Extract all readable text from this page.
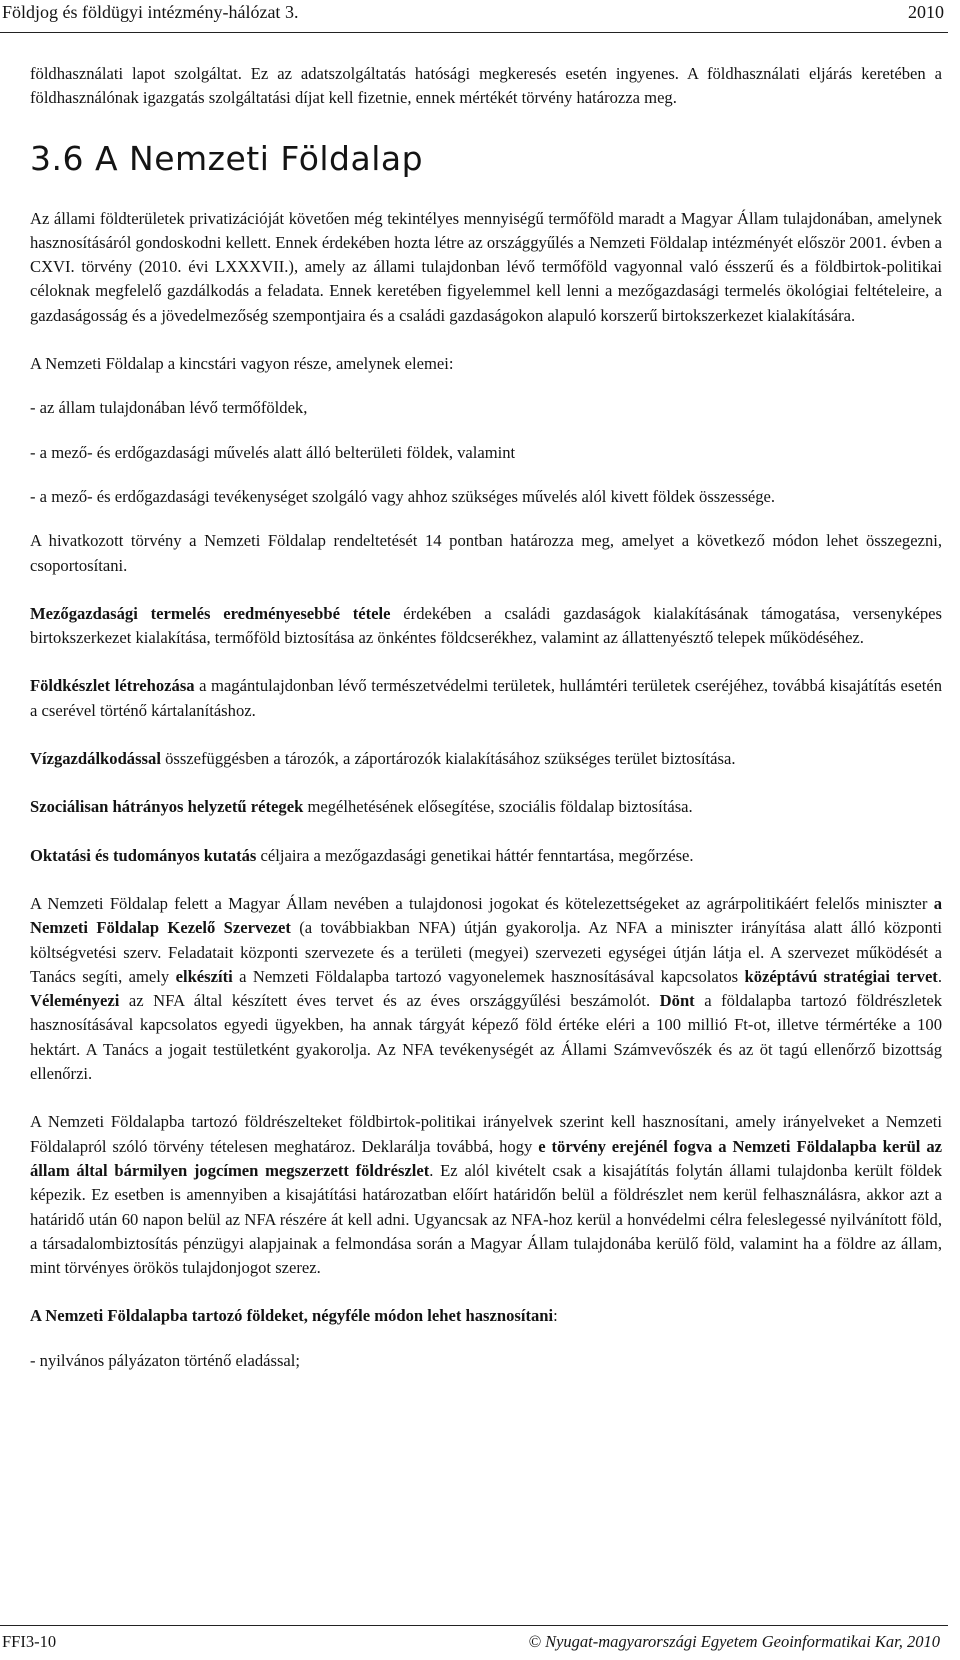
Földjog és földügyi intézmény-hálózat 3.	2010

földhasználati lapot szolgáltat. Ez az adatszolgáltatás hatósági megkeresés esetén ingyenes. A földhasználati eljárás keretében a földhasználónak igazgatás szolgáltatási díjat kell fizetnie, ennek mértékét törvény határozza meg.

3.6 A Nemzeti Földalap

Az állami földterületek privatizációját követően még tekintélyes mennyiségű termőföld maradt a Magyar Állam tulajdonában, amelynek hasznosításáról gondoskodni kellett. Ennek érdekében hozta létre az országgyűlés a Nemzeti Földalap intézményét először 2001. évben a CXVI. törvény (2010. évi LXXXVII.), amely az állami tulajdonban lévő termőföld vagyonnal való ésszerű és a földbirtok-politikai céloknak megfelelő gazdálkodás a feladata. Ennek keretében figyelemmel kell lenni a mezőgazdasági termelés ökológiai feltételeire, a gazdaságosság és a jövedelmezőség szempontjaira és a családi gazdaságokon alapuló korszerű birtokszerkezet kialakítására.

A Nemzeti Földalap a kincstári vagyon része, amelynek elemei:

- az állam tulajdonában lévő termőföldek,

- a mező- és erdőgazdasági művelés alatt álló belterületi földek, valamint

- a mező- és erdőgazdasági tevékenységet szolgáló vagy ahhoz szükséges művelés alól kivett földek összessége.

A hivatkozott törvény a Nemzeti Földalap rendeltetését 14 pontban határozza meg, amelyet a következő módon lehet összegezni, csoportosítani.

Mezőgazdasági termelés eredményesebbé tétele érdekében a családi gazdaságok kialakításának támogatása, versenyképes birtokszerkezet kialakítása, termőföld biztosítása az önkéntes földcserékhez, valamint az állattenyésztő telepek működéséhez.

Földkészlet létrehozása a magántulajdonban lévő természetvédelmi területek, hullámtéri területek cseréjéhez, továbbá kisajátítás esetén a cserével történő kártalanításhoz.

Vízgazdálkodással összefüggésben a tározók, a záportározók kialakításához szükséges terület biztosítása.

Szociálisan hátrányos helyzetű rétegek megélhetésének elősegítése, szociális földalap biztosítása.

Oktatási és tudományos kutatás céljaira a mezőgazdasági genetikai háttér fenntartása, megőrzése.

A Nemzeti Földalap felett a Magyar Állam nevében a tulajdonosi jogokat és kötelezettségeket az agrárpolitikáért felelős miniszter a Nemzeti Földalap Kezelő Szervezet (a továbbiakban NFA) útján gyakorolja. Az NFA a miniszter irányítása alatt álló központi költségvetési szerv. Feladatait központi szervezete és a területi (megyei) szervezeti egységei útján látja el. A szervezet működését a Tanács segíti, amely elkészíti a Nemzeti Földalapba tartozó vagyonelemek hasznosításával kapcsolatos középtávú stratégiai tervet. Véleményezi az NFA által készített éves tervet és az éves országgyűlési beszámolót. Dönt a földalapba tartozó földrészletek hasznosításával kapcsolatos egyedi ügyekben, ha annak tárgyát képező föld értéke eléri a 100 millió Ft-ot, illetve térmértéke a 100 hektárt. A Tanács a jogait testületként gyakorolja. Az NFA tevékenységét az Állami Számvevőszék és az öt tagú ellenőrző bizottság ellenőrzi.

A Nemzeti Földalapba tartozó földrészelteket földbirtok-politikai irányelvek szerint kell hasznosítani, amely irányelveket a Nemzeti Földalapról szóló törvény tételesen meghatároz. Deklarálja továbbá, hogy e törvény erejénél fogva a Nemzeti Földalapba kerül az állam által bármilyen jogcímen megszerzett földrészlet. Ez alól kivételt csak a kisajátítás folytán állami tulajdonba került földek képezik. Ez esetben is amennyiben a kisajátítási határozatban előírt határidőn belül a földrészlet nem kerül felhasználásra, akkor azt a határidő után 60 napon belül az NFA részére át kell adni. Ugyancsak az NFA-hoz kerül a honvédelmi célra feleslegessé nyilvánított föld, a társadalombiztosítás pénzügyi alapjainak a felmondása során a Magyar Állam tulajdonába kerülő föld, valamint ha a földre az állam, mint törvényes örökös tulajdonjogot szerez.

A Nemzeti Földalapba tartozó földeket, négyféle módon lehet hasznosítani:

- nyilvános pályázaton történő eladással;

FFI3-10	© Nyugat-magyarországi Egyetem Geoinformatikai Kar, 2010
